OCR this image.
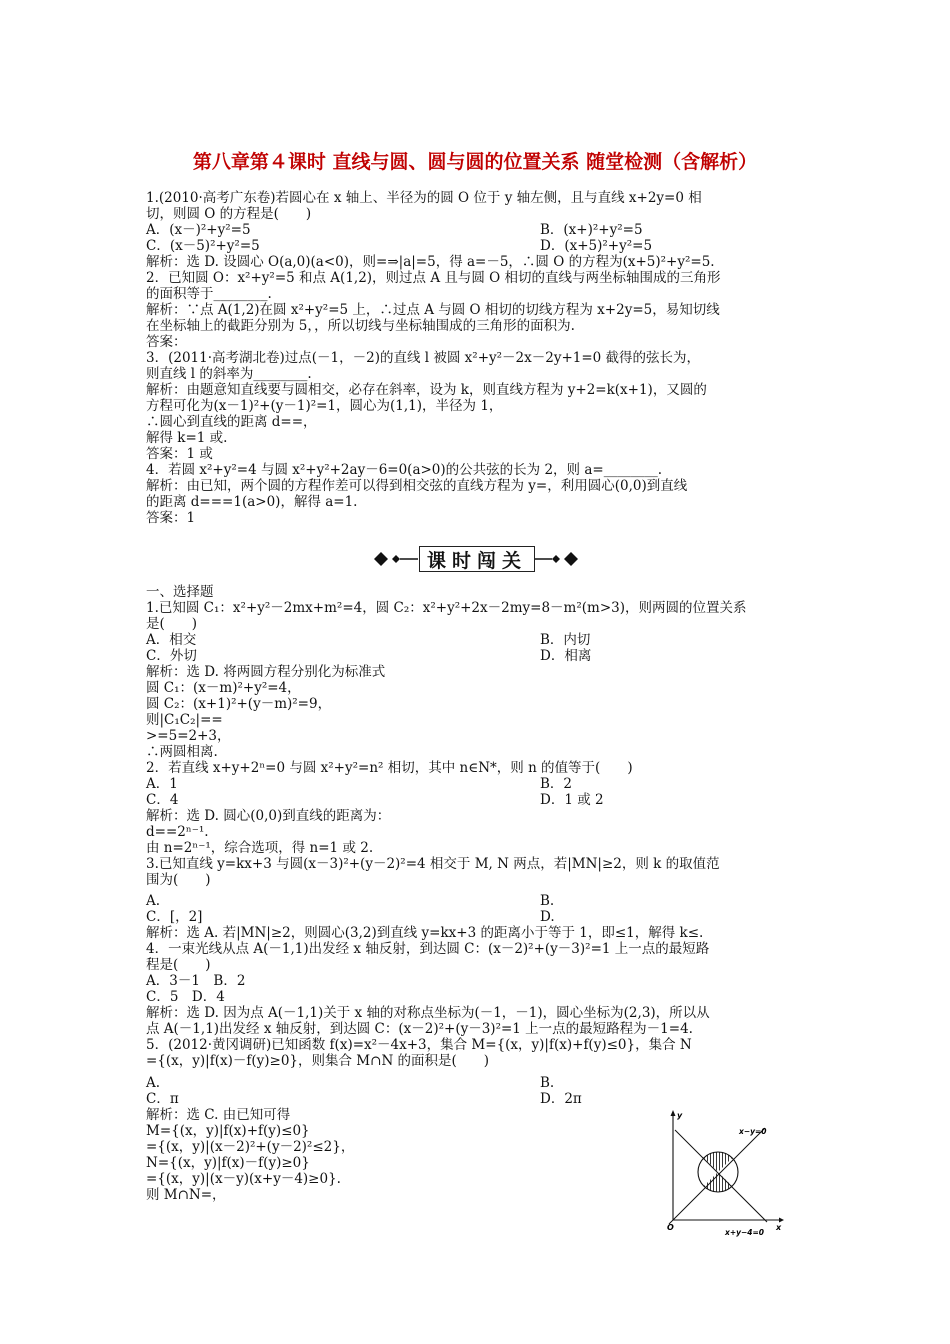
第八章第４课时 直线与圆、圆与圆的位置关系 随堂检测（含解析）
1.(2010·高考广东卷)若圆心在 x 轴上、半径为的圆 O 位于 y 轴左侧，且与直线 x+2y=0 相
切，则圆 O 的方程是(　　)
A．(x－)²+y²=5	B．(x+)²+y²=5
C．(x－5)²+y²=5	D．(x+5)²+y²=5
解析：选 D. 设圆心 O(a,0)(a<0)，则=⇒|a|=5，得 a=－5，∴圆 O 的方程为(x+5)²+y²=5.
2．已知圆 O：x²+y²=5 和点 A(1,2)，则过点 A 且与圆 O 相切的直线与两坐标轴围成的三角形
的面积等于________.
解析：∵点 A(1,2)在圆 x²+y²=5 上，∴过点 A 与圆 O 相切的切线方程为 x+2y=5，易知切线
在坐标轴上的截距分别为 5，，所以切线与坐标轴围成的三角形的面积为.
答案：
3．(2011·高考湖北卷)过点(－1，－2)的直线 l 被圆 x²+y²－2x－2y+1=0 截得的弦长为，
则直线 l 的斜率为________.
解析：由题意知直线要与圆相交，必存在斜率，设为 k，则直线方程为 y+2=k(x+1)，又圆的
方程可化为(x－1)²+(y－1)²=1，圆心为(1,1)，半径为 1，
∴圆心到直线的距离 d==，
解得 k=1 或.
答案：1 或
4．若圆 x²+y²=4 与圆 x²+y²+2ay－6=0(a>0)的公共弦的长为 2，则 a=________.
解析：由已知，两个圆的方程作差可以得到相交弦的直线方程为 y=，利用圆心(0,0)到直线
的距离 d===1(a>0)，解得 a=1.
答案：1
一、选择题
1.已知圆 C₁：x²+y²－2mx+m²=4，圆 C₂：x²+y²+2x－2my=8－m²(m>3)，则两圆的位置关系
是(　　)
A．相交	B．内切
C．外切	D．相离
解析：选 D. 将两圆方程分别化为标准式
圆 C₁：(x－m)²+y²=4，
圆 C₂：(x+1)²+(y－m)²=9，
则|C₁C₂|==
>=5=2+3，
∴两圆相离.
2．若直线 x+y+2ⁿ=0 与圆 x²+y²=n² 相切，其中 n∈N*，则 n 的值等于(　　)
A．1	B．2
C．4	D．1 或 2
解析：选 D. 圆心(0,0)到直线的距离为：
d==2ⁿ⁻¹.
由 n=2ⁿ⁻¹，综合选项，得 n=1 或 2.
3.已知直线 y=kx+3 与圆(x－3)²+(y－2)²=4 相交于 M, N 两点，若|MN|≥2，则 k 的取值范
围为(　　)
A.	B.
C．[，2]	D.
解析：选 A. 若|MN|≥2，则圆心(3,2)到直线 y=kx+3 的距离小于等于 1，即≤1，解得 k≤.
4．一束光线从点 A(－1,1)出发经 x 轴反射，到达圆 C：(x－2)²+(y－3)²=1 上一点的最短路
程是(　　)
A．3－1　B．2
C．5　D．4
解析：选 D. 因为点 A(－1,1)关于 x 轴的对称点坐标为(－1，－1)，圆心坐标为(2,3)，所以从
点 A(－1,1)出发经 x 轴反射，到达圆 C：(x－2)²+(y－3)²=1 上一点的最短路程为－1=4.
5．(2012·黄冈调研)已知函数 f(x)=x²－4x+3，集合 M={(x，y)|f(x)+f(y)≤0}，集合 N
={(x，y)|f(x)－f(y)≥0}，则集合 M∩N 的面积是(　　)
A.	B.
C．π	D．2π
解析：选 C. 由已知可得
M={(x，y)|f(x)+f(y)≤0}
={(x，y)|(x－2)²+(y－2)²≤2}，
N={(x，y)|f(x)－f(y)≥0}
={(x，y)|(x－y)(x+y－4)≥0}.
则 M∩N=，
课时闯关
y
x
O
x−y=0
x+y−4=0
